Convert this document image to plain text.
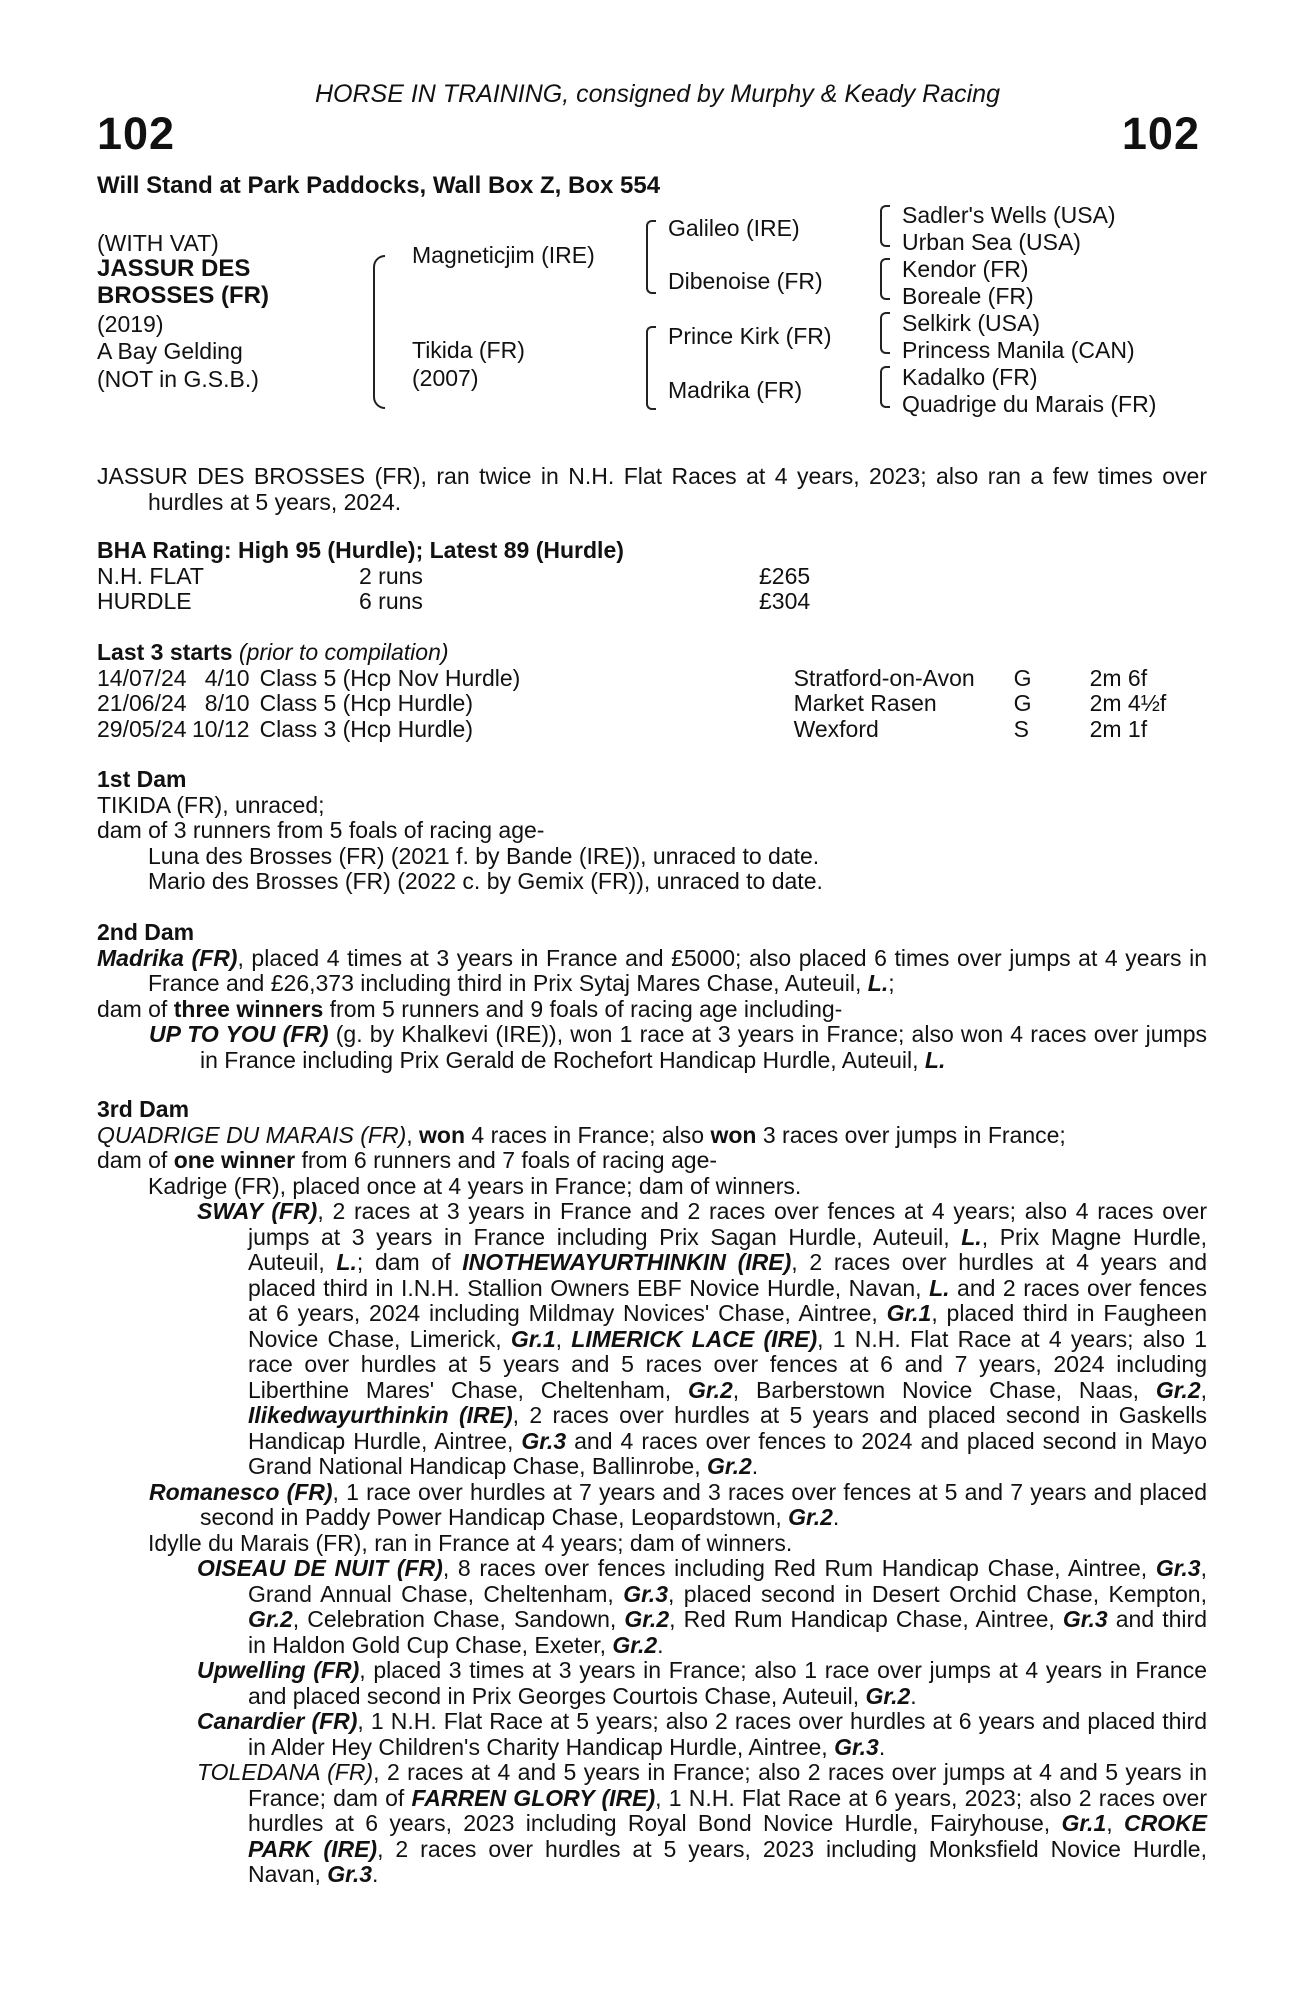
HORSE IN TRAINING, consigned by Murphy & Keady Racing
102	102
Will Stand at Park Paddocks, Wall Box Z, Box 554
(WITH VAT)
JASSUR DES
BROSSES (FR)
(2019)
A Bay Gelding
(NOT in G.S.B.)
Magneticjim (IRE)
Tikida (FR)
(2007)
Galileo (IRE)
Dibenoise (FR)
Prince Kirk (FR)
Madrika (FR)
Sadler's Wells (USA)
Urban Sea (USA)
Kendor (FR)
Boreale (FR)
Selkirk (USA)
Princess Manila (CAN)
Kadalko (FR)
Quadrige du Marais (FR)

JASSUR DES BROSSES (FR), ran twice in N.H. Flat Races at 4 years, 2023; also ran a few times over hurdles at 5 years, 2024.

BHA Rating: High 95 (Hurdle); Latest 89 (Hurdle)
N.H. FLAT	2 runs	£265
HURDLE	6 runs	£304
Last 3 starts (prior to compilation)
14/07/24	4/10	Class 5 (Hcp Nov Hurdle)	Stratford-on-Avon	G	2m 6f
21/06/24	8/10	Class 5 (Hcp Hurdle)	Market Rasen	G	2m 4½f
29/05/24	10/12	Class 3 (Hcp Hurdle)	Wexford	S	2m 1f
1st Dam
TIKIDA (FR), unraced;
dam of 3 runners from 5 foals of racing age-
Luna des Brosses (FR) (2021 f. by Bande (IRE)), unraced to date.
Mario des Brosses (FR) (2022 c. by Gemix (FR)), unraced to date.
2nd Dam

Madrika (FR), placed 4 times at 3 years in France and £5000; also placed 6 times over jumps at 4 years in France and £26,373 including third in Prix Sytaj Mares Chase, Auteuil, L.;

dam of three winners from 5 runners and 9 foals of racing age including-

UP TO YOU (FR) (g. by Khalkevi (IRE)), won 1 race at 3 years in France; also won 4 races over jumps in France including Prix Gerald de Rochefort Handicap Hurdle, Auteuil, L.

3rd Dam
QUADRIGE DU MARAIS (FR), won 4 races in France; also won 3 races over jumps in France;
dam of one winner from 6 runners and 7 foals of racing age-
Kadrige (FR), placed once at 4 years in France; dam of winners.

SWAY (FR), 2 races at 3 years in France and 2 races over fences at 4 years; also 4 races over jumps at 3 years in France including Prix Sagan Hurdle, Auteuil, L., Prix Magne Hurdle, Auteuil, L.; dam of INOTHEWAYURTHINKIN (IRE), 2 races over hurdles at 4 years and placed third in I.N.H. Stallion Owners EBF Novice Hurdle, Navan, L. and 2 races over fences at 6 years, 2024 including Mildmay Novices' Chase, Aintree, Gr.1, placed third in Faugheen Novice Chase, Limerick, Gr.1, LIMERICK LACE (IRE), 1 N.H. Flat Race at 4 years; also 1 race over hurdles at 5 years and 5 races over fences at 6 and 7 years, 2024 including Liberthine Mares' Chase, Cheltenham, Gr.2, Barberstown Novice Chase, Naas, Gr.2, Ilikedwayurthinkin (IRE), 2 races over hurdles at 5 years and placed second in Gaskells Handicap Hurdle, Aintree, Gr.3 and 4 races over fences to 2024 and placed second in Mayo Grand National Handicap Chase, Ballinrobe, Gr.2.

Romanesco (FR), 1 race over hurdles at 7 years and 3 races over fences at 5 and 7 years and placed second in Paddy Power Handicap Chase, Leopardstown, Gr.2.

Idylle du Marais (FR), ran in France at 4 years; dam of winners.

OISEAU DE NUIT (FR), 8 races over fences including Red Rum Handicap Chase, Aintree, Gr.3, Grand Annual Chase, Cheltenham, Gr.3, placed second in Desert Orchid Chase, Kempton, Gr.2, Celebration Chase, Sandown, Gr.2, Red Rum Handicap Chase, Aintree, Gr.3 and third in Haldon Gold Cup Chase, Exeter, Gr.2.

Upwelling (FR), placed 3 times at 3 years in France; also 1 race over jumps at 4 years in France and placed second in Prix Georges Courtois Chase, Auteuil, Gr.2.

Canardier (FR), 1 N.H. Flat Race at 5 years; also 2 races over hurdles at 6 years and placed third in Alder Hey Children's Charity Handicap Hurdle, Aintree, Gr.3.

TOLEDANA (FR), 2 races at 4 and 5 years in France; also 2 races over jumps at 4 and 5 years in France; dam of FARREN GLORY (IRE), 1 N.H. Flat Race at 6 years, 2023; also 2 races over hurdles at 6 years, 2023 including Royal Bond Novice Hurdle, Fairyhouse, Gr.1, CROKE PARK (IRE), 2 races over hurdles at 5 years, 2023 including Monksfield Novice Hurdle, Navan, Gr.3.
